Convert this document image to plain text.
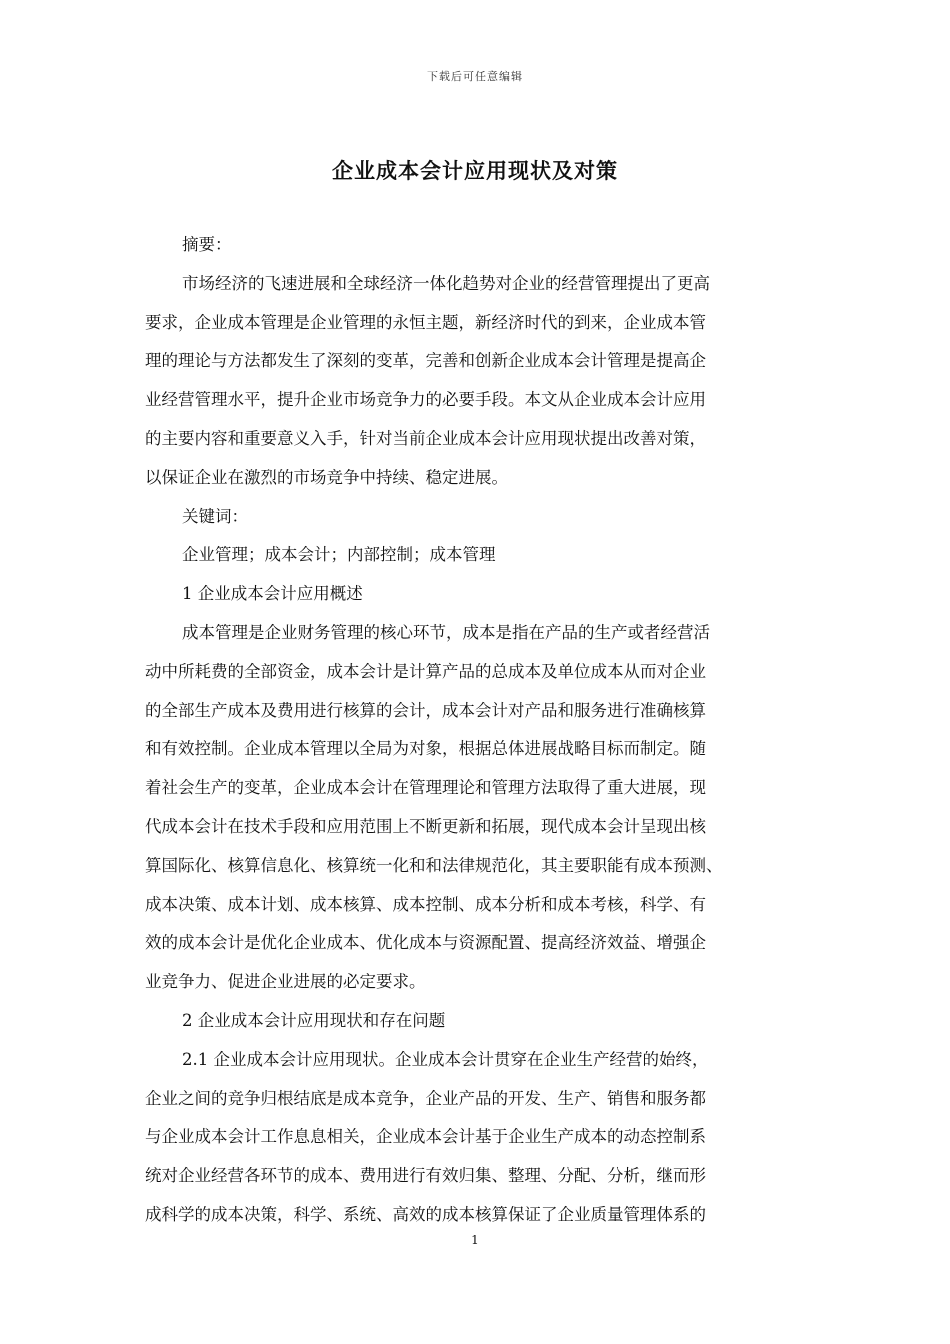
下载后可任意编辑
企业成本会计应用现状及对策
摘要：
市场经济的飞速进展和全球经济一体化趋势对企业的经营管理提出了更高
要求，企业成本管理是企业管理的永恒主题，新经济时代的到来，企业成本管
理的理论与方法都发生了深刻的变革，完善和创新企业成本会计管理是提高企
业经营管理水平，提升企业市场竞争力的必要手段。本文从企业成本会计应用
的主要内容和重要意义入手，针对当前企业成本会计应用现状提出改善对策，
以保证企业在激烈的市场竞争中持续、稳定进展。
关键词：
企业管理；成本会计；内部控制；成本管理
1 企业成本会计应用概述
成本管理是企业财务管理的核心环节，成本是指在产品的生产或者经营活
动中所耗费的全部资金，成本会计是计算产品的总成本及单位成本从而对企业
的全部生产成本及费用进行核算的会计，成本会计对产品和服务进行准确核算
和有效控制。企业成本管理以全局为对象，根据总体进展战略目标而制定。随
着社会生产的变革，企业成本会计在管理理论和管理方法取得了重大进展，现
代成本会计在技术手段和应用范围上不断更新和拓展，现代成本会计呈现出核
算国际化、核算信息化、核算统一化和和法律规范化，其主要职能有成本预测、
成本决策、成本计划、成本核算、成本控制、成本分析和成本考核，科学、有
效的成本会计是优化企业成本、优化成本与资源配置、提高经济效益、增强企
业竞争力、促进企业进展的必定要求。
2 企业成本会计应用现状和存在问题
2.1 企业成本会计应用现状。企业成本会计贯穿在企业生产经营的始终，
企业之间的竞争归根结底是成本竞争，企业产品的开发、生产、销售和服务都
与企业成本会计工作息息相关，企业成本会计基于企业生产成本的动态控制系
统对企业经营各环节的成本、费用进行有效归集、整理、分配、分析，继而形
成科学的成本决策，科学、系统、高效的成本核算保证了企业质量管理体系的
1
